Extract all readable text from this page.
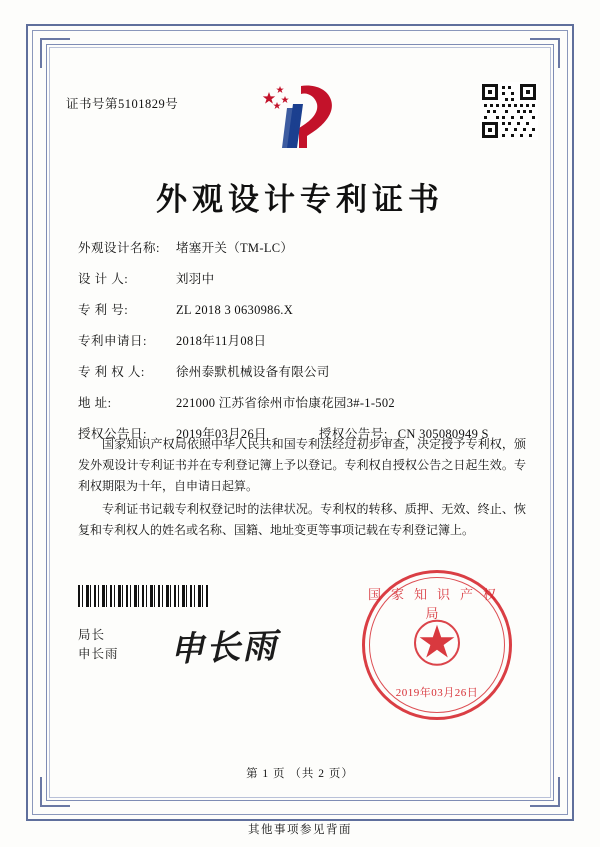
证书号第5101829号
外观设计专利证书
外观设计名称:	堵塞开关（TM-LC）
设 计 人:	刘羽中
专 利 号:	ZL 2018 3 0630986.X
专利申请日:	2018年11月08日
专 利 权 人:	徐州泰默机械设备有限公司
地 址:	221000 江苏省徐州市怡康花园3#-1-502
授权公告日:	2019年03月26日	授权公告号: CN 305080949 S

国家知识产权局依照中华人民共和国专利法经过初步审查，决定授予专利权，颁发外观设计专利证书并在专利登记簿上予以登记。专利权自授权公告之日起生效。专利权期限为十年，自申请日起算。

专利证书记载专利权登记时的法律状况。专利权的转移、质押、无效、终止、恢复和专利权人的姓名或名称、国籍、地址变更等事项记载在专利登记簿上。

局长
申长雨 申长雨
国家知识产权局
2019年03月26日
第 1 页 （共 2 页）
其他事项参见背面
